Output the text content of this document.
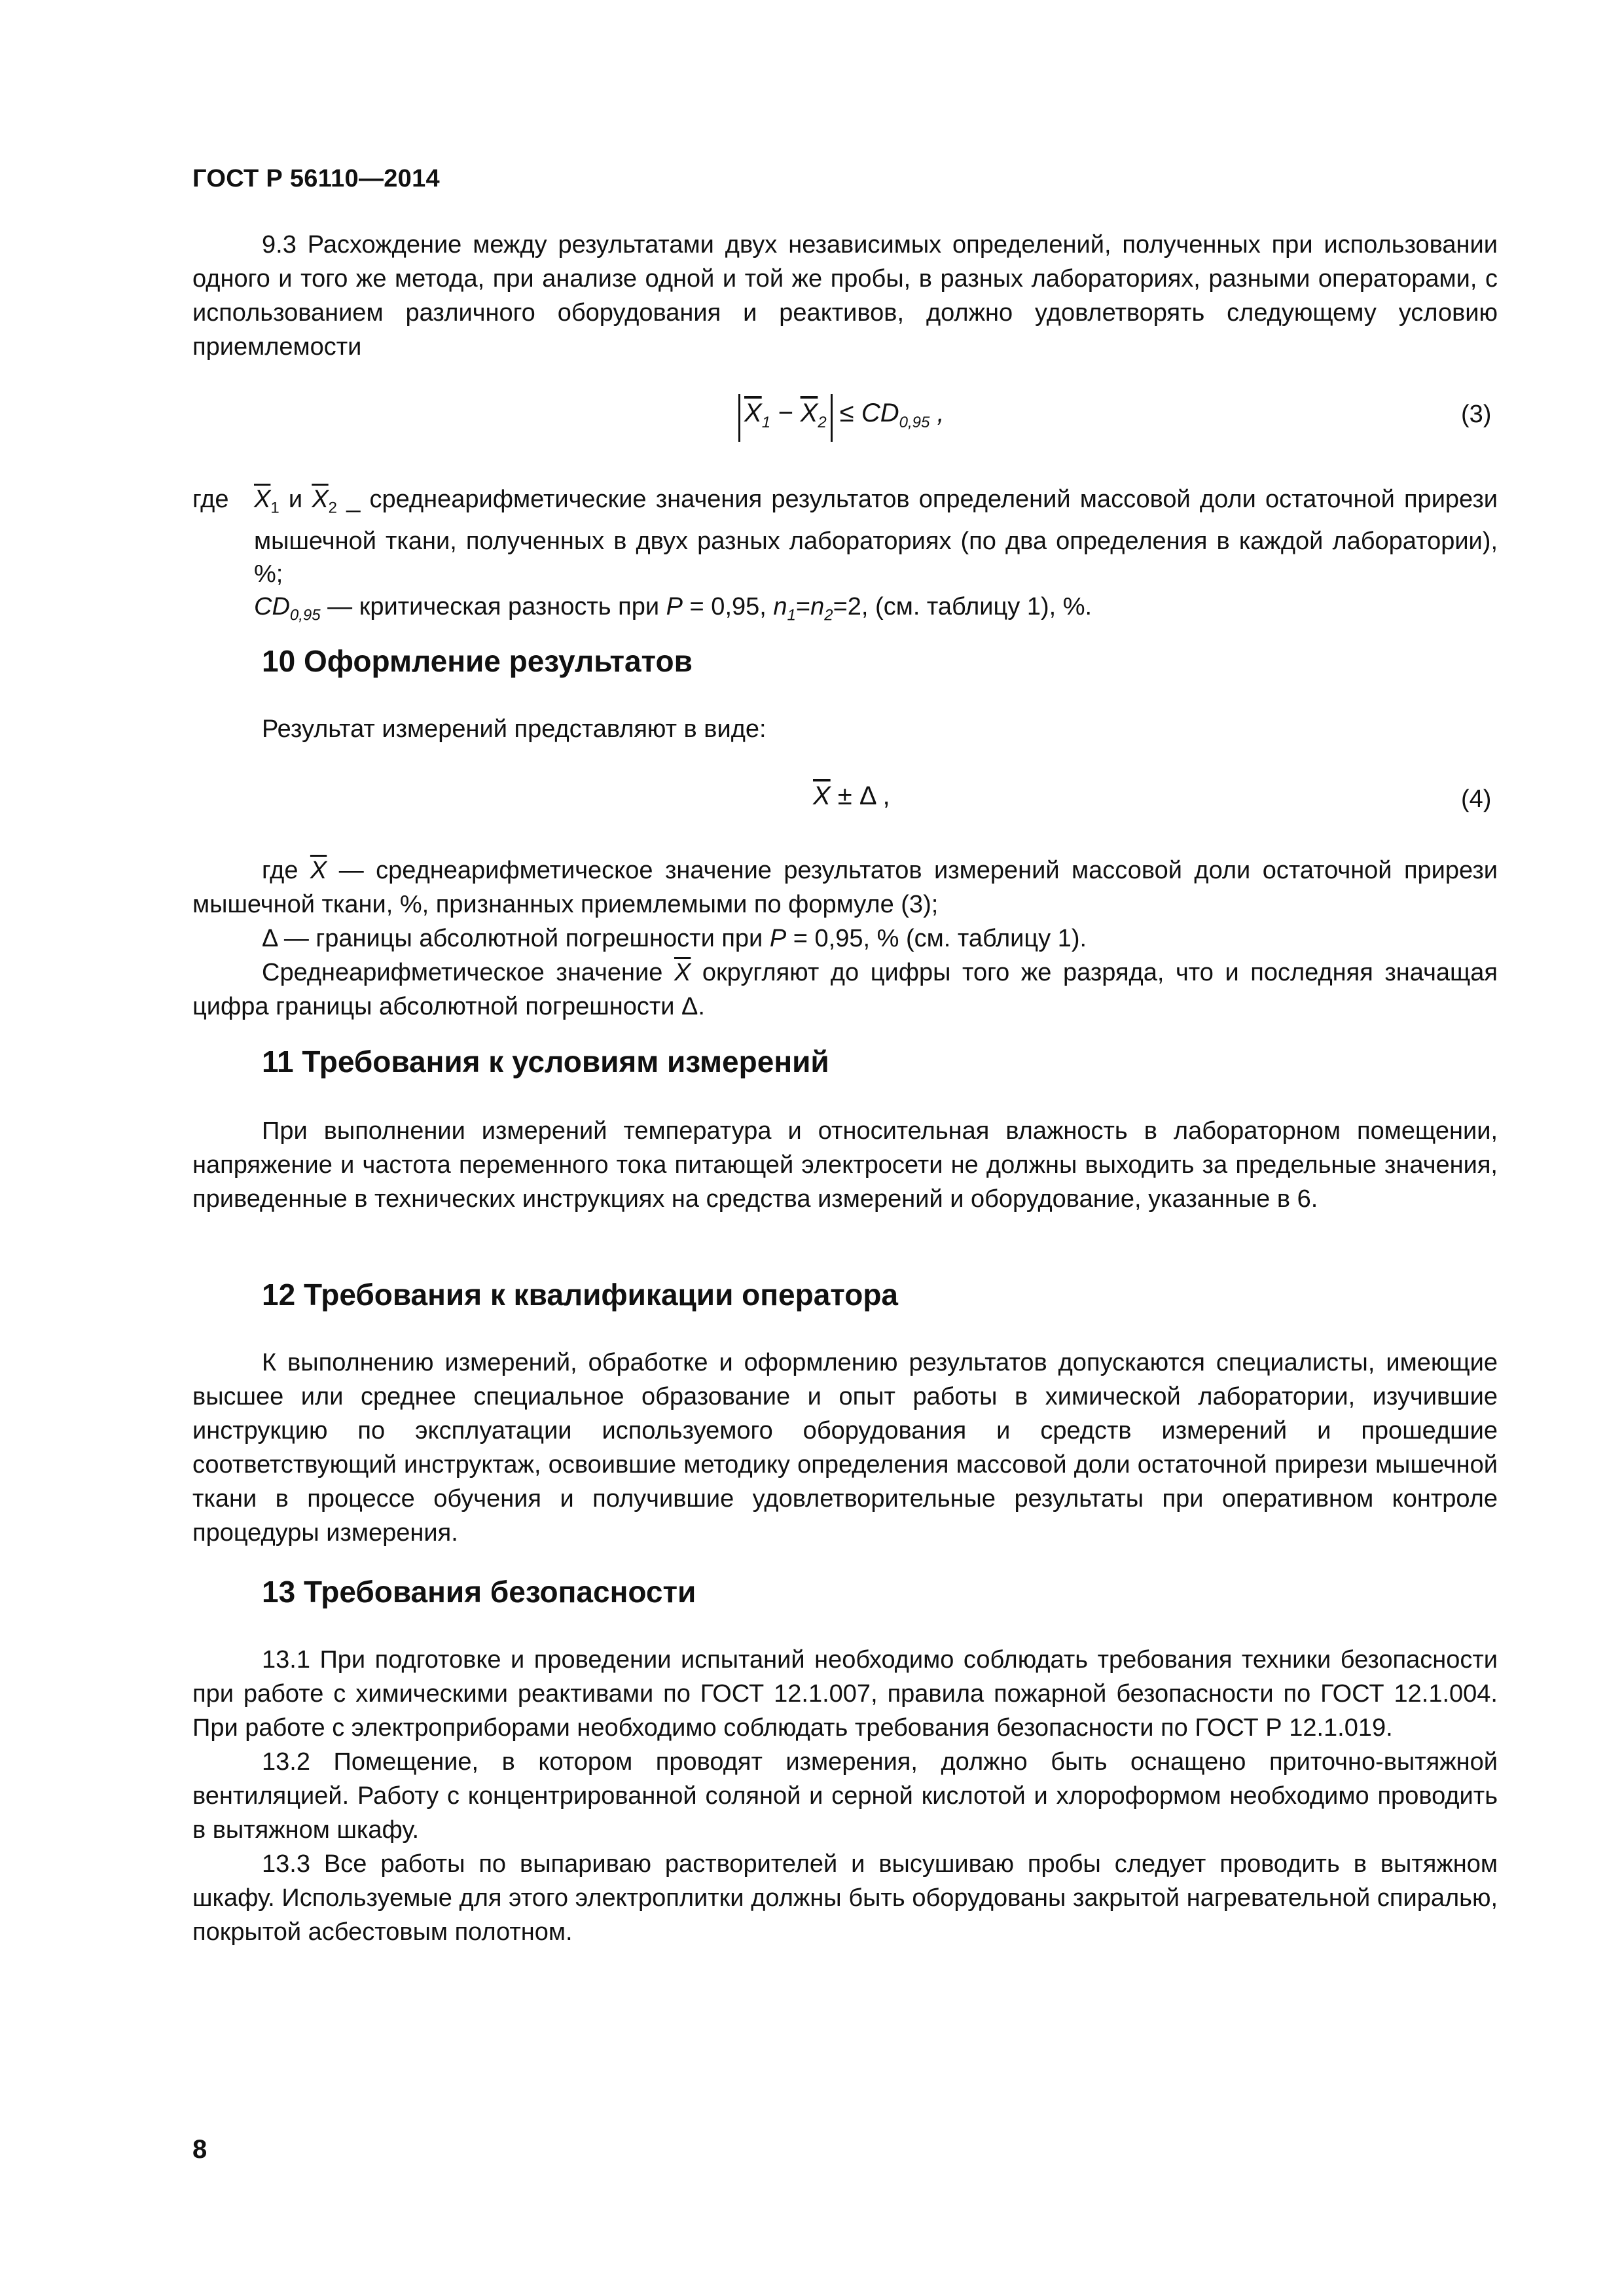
ГОСТ Р 56110—2014

9.3 Расхождение между результатами двух независимых определений, полученных при использовании одного и того же метода, при анализе одной и той же пробы, в разных лабораториях, разными операторами, с использованием различного оборудования и реактивов, должно удовлетворять следующему условию приемлемости

$\overline{X}_1 - \overline{X}_2 \le CD_{0,95}$ ,	(3)
где $\overline{X}_1$ и $\overline{X}_2$ _ среднеарифметические значения результатов определений массовой доли остаточной прирези мышечной ткани, полученных в двух разных лабораториях (по два определения в каждой лаборатории), %;
$CD_{0,95}$ — критическая разность при P = 0,95, $n_1=n_2=2$, (см. таблицу 1), %.
10 Оформление результатов

Результат измерений представляют в виде:

$\overline{X} \pm \Delta$ ,	(4)

где $\overline{X}$ — среднеарифметическое значение результатов измерений массовой доли остаточной прирези мышечной ткани, %, признанных приемлемыми по формуле (3);

Δ — границы абсолютной погрешности при P = 0,95, % (см. таблицу 1).

Среднеарифметическое значение $\overline{X}$ округляют до цифры того же разряда, что и последняя значащая цифра границы абсолютной погрешности Δ.

11 Требования к условиям измерений

При выполнении измерений температура и относительная влажность в лабораторном помещении, напряжение и частота переменного тока питающей электросети не должны выходить за предельные значения, приведенные в технических инструкциях на средства измерений и оборудование, указанные в 6.

12 Требования к квалификации оператора

К выполнению измерений, обработке и оформлению результатов допускаются специалисты, имеющие высшее или среднее специальное образование и опыт работы в химической лаборатории, изучившие инструкцию по эксплуатации используемого оборудования и средств измерений и прошедшие соответствующий инструктаж, освоившие методику определения массовой доли остаточной прирези мышечной ткани в процессе обучения и получившие удовлетворительные результаты при оперативном контроле процедуры измерения.

13 Требования безопасности

13.1 При подготовке и проведении испытаний необходимо соблюдать требования техники безопасности при работе с химическими реактивами по ГОСТ 12.1.007, правила пожарной безопасности по ГОСТ 12.1.004. При работе с электроприборами необходимо соблюдать требования безопасности по ГОСТ Р 12.1.019.

13.2 Помещение, в котором проводят измерения, должно быть оснащено приточно-вытяжной вентиляцией. Работу с концентрированной соляной и серной кислотой и хлороформом необходимо проводить в вытяжном шкафу.

13.3 Все работы по выпариваю растворителей и высушиваю пробы следует проводить в вытяжном шкафу. Используемые для этого электроплитки должны быть оборудованы закрытой нагревательной спиралью, покрытой асбестовым полотном.

8
